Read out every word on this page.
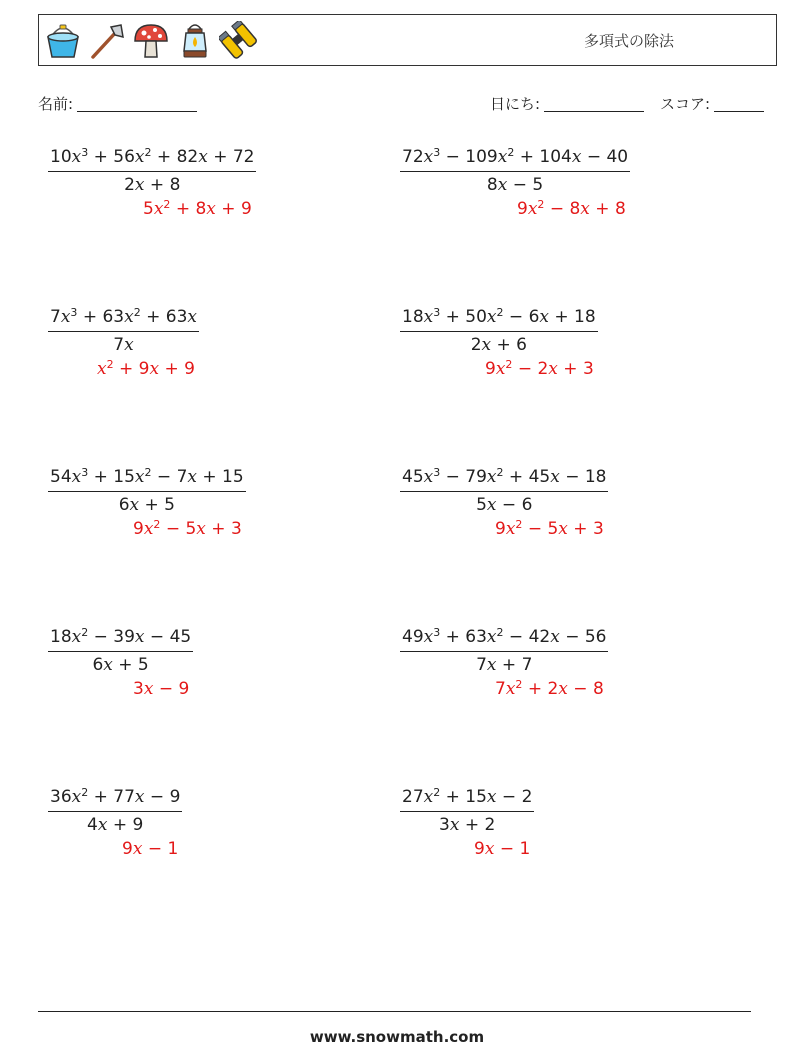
多項式の除法
名前:	日にち:	スコア:
$\frac{10x^3 + 56x^2 + 82x + 72}{2x + 8}$
$5x^2 + 8x + 9$
$\frac{72x^3 - 109x^2 + 104x - 40}{8x - 5}$
$9x^2 - 8x + 8$
$\frac{7x^3 + 63x^2 + 63x}{7x}$
$x^2 + 9x + 9$
$\frac{18x^3 + 50x^2 - 6x + 18}{2x + 6}$
$9x^2 - 2x + 3$
$\frac{54x^3 + 15x^2 - 7x + 15}{6x + 5}$
$9x^2 - 5x + 3$
$\frac{45x^3 - 79x^2 + 45x - 18}{5x - 6}$
$9x^2 - 5x + 3$
$\frac{18x^2 - 39x - 45}{6x + 5}$
3x − 9
$\frac{49x^3 + 63x^2 - 42x - 56}{7x + 7}$
$7x^2 + 2x - 8$
$\frac{36x^2 + 77x - 9}{4x + 9}$
9x − 1
$\frac{27x^2 + 15x - 2}{3x + 2}$
9x − 1
www.snowmath.com
